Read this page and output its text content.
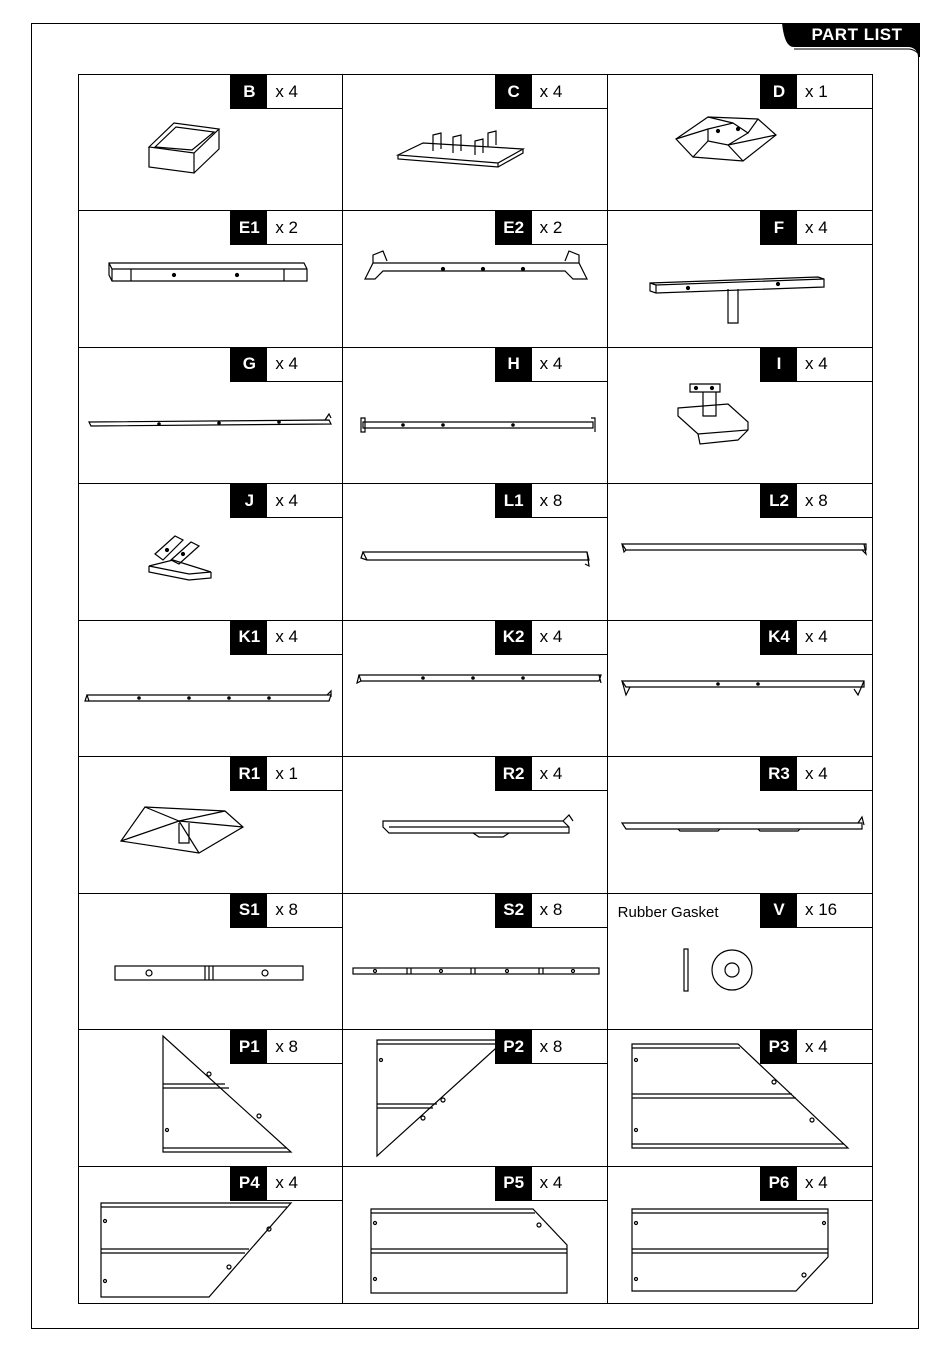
PART LIST
B	x 4	C	x 4	D	x 1
E1 x 2	E2 x 2	F	x 4
G	x 4	H	x 4	I	x 4
J	x 4	L1 x 8	L2 x 8
K1 x 4	K2 x 4	K4 x 4
R1 x 1	R2 x 4	R3 x 4
S1 x 8	S2 x 8	Rubber Gasket	V	x 16
P1 x 8	P2 x 8	P3 x 4
P4 x 4	P5 x 4	P6 x 4
